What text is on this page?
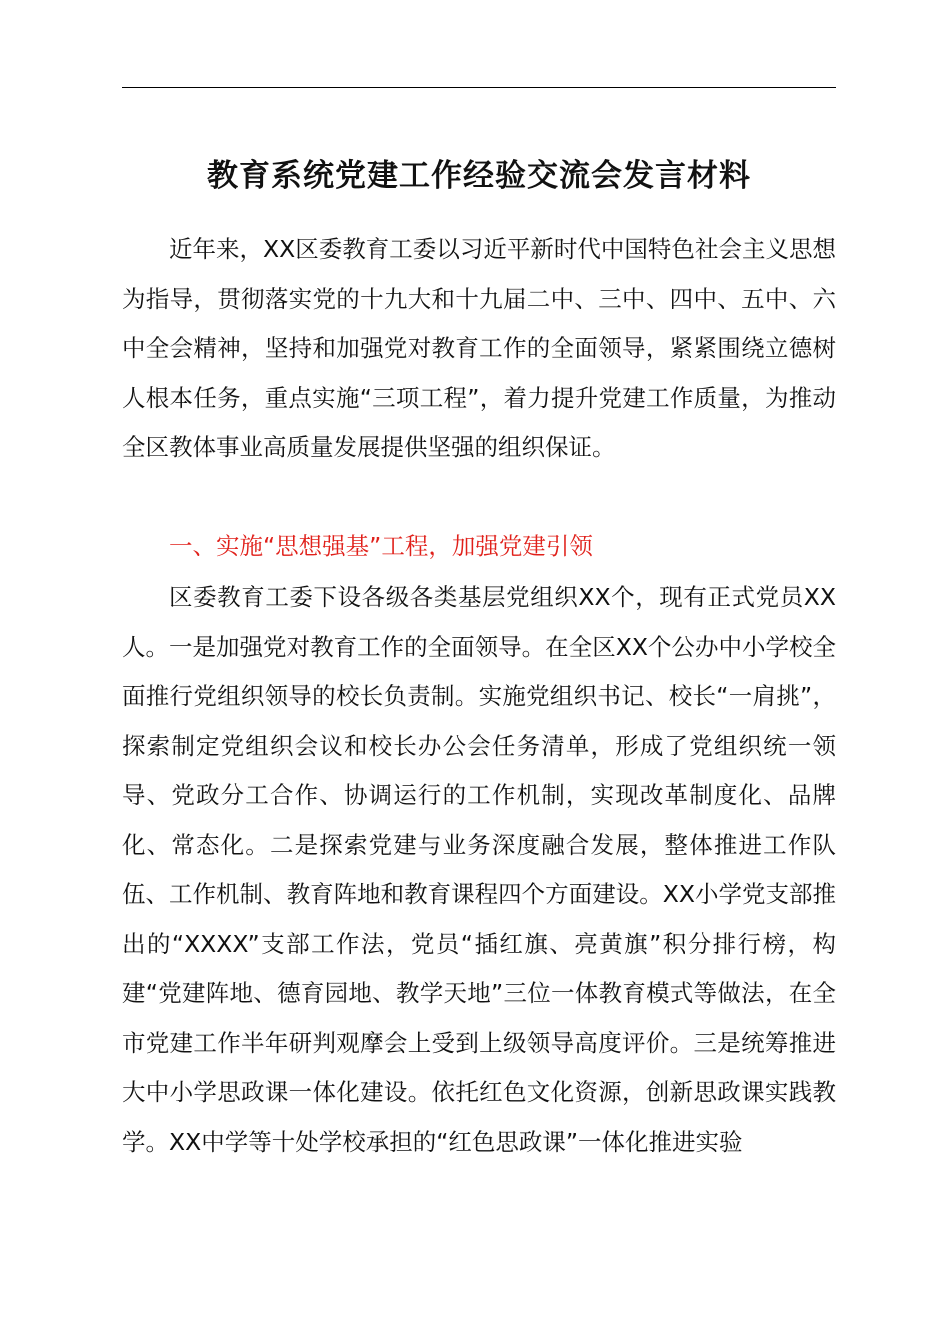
教育系统党建工作经验交流会发言材料

近年来，XX区委教育工委以习近平新时代中国特色社会主义思想为指导，贯彻落实党的十九大和十九届二中、三中、四中、五中、六中全会精神，坚持和加强党对教育工作的全面领导，紧紧围绕立德树人根本任务，重点实施“三项工程”，着力提升党建工作质量，为推动全区教体事业高质量发展提供坚强的组织保证。

一、实施“思想强基”工程，加强党建引领

区委教育工委下设各级各类基层党组织XX个，现有正式党员XX人。一是加强党对教育工作的全面领导。在全区XX个公办中小学校全面推行党组织领导的校长负责制。实施党组织书记、校长“一肩挑”，探索制定党组织会议和校长办公会任务清单，形成了党组织统一领导、党政分工合作、协调运行的工作机制，实现改革制度化、品牌化、常态化。二是探索党建与业务深度融合发展，整体推进工作队伍、工作机制、教育阵地和教育课程四个方面建设。XX小学党支部推出的“XXXX”支部工作法，党员“插红旗、亮黄旗”积分排行榜，构建“党建阵地、德育园地、教学天地”三位一体教育模式等做法，在全市党建工作半年研判观摩会上受到上级领导高度评价。三是统筹推进大中小学思政课一体化建设。依托红色文化资源，创新思政课实践教学。XX中学等十处学校承担的“红色思政课”一体化推进实验
